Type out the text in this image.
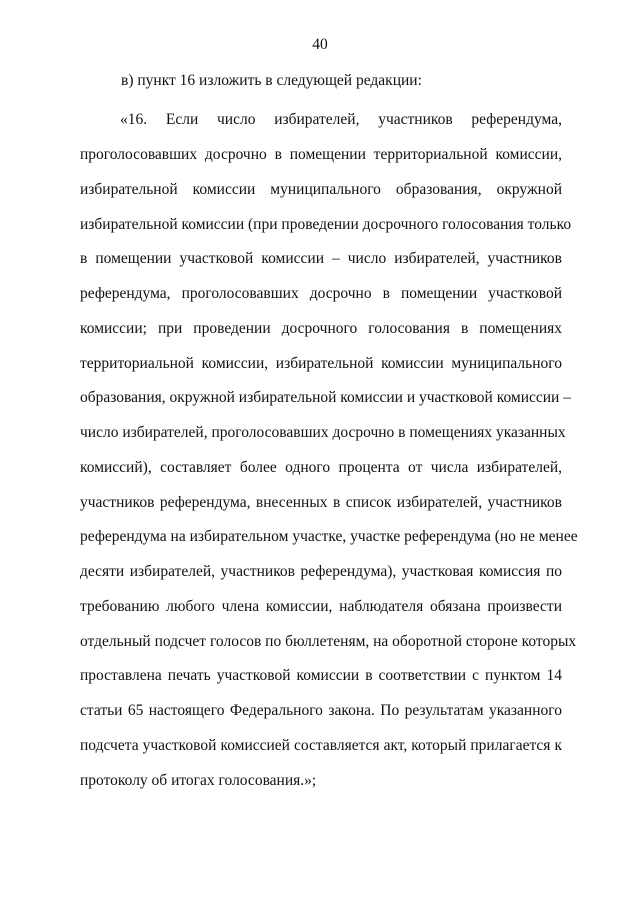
40
в) пункт 16 изложить в следующей редакции:
«16. Если число избирателей, участников референдума,
проголосовавших досрочно в помещении территориальной комиссии,
избирательной комиссии муниципального образования, окружной
избирательной комиссии (при проведении досрочного голосования только
в помещении участковой комиссии – число избирателей, участников
референдума, проголосовавших досрочно в помещении участковой
комиссии; при проведении досрочного голосования в помещениях
территориальной комиссии, избирательной комиссии муниципального
образования, окружной избирательной комиссии и участковой комиссии –
число избирателей, проголосовавших досрочно в помещениях указанных
комиссий), составляет более одного процента от числа избирателей,
участников референдума, внесенных в список избирателей, участников
референдума на избирательном участке, участке референдума (но не менее
десяти избирателей, участников референдума), участковая комиссия по
требованию любого члена комиссии, наблюдателя обязана произвести
отдельный подсчет голосов по бюллетеням, на оборотной стороне которых
проставлена печать участковой комиссии в соответствии с пунктом 14
статьи 65 настоящего Федерального закона. По результатам указанного
подсчета участковой комиссией составляется акт, который прилагается к
протоколу об итогах голосования.»;
